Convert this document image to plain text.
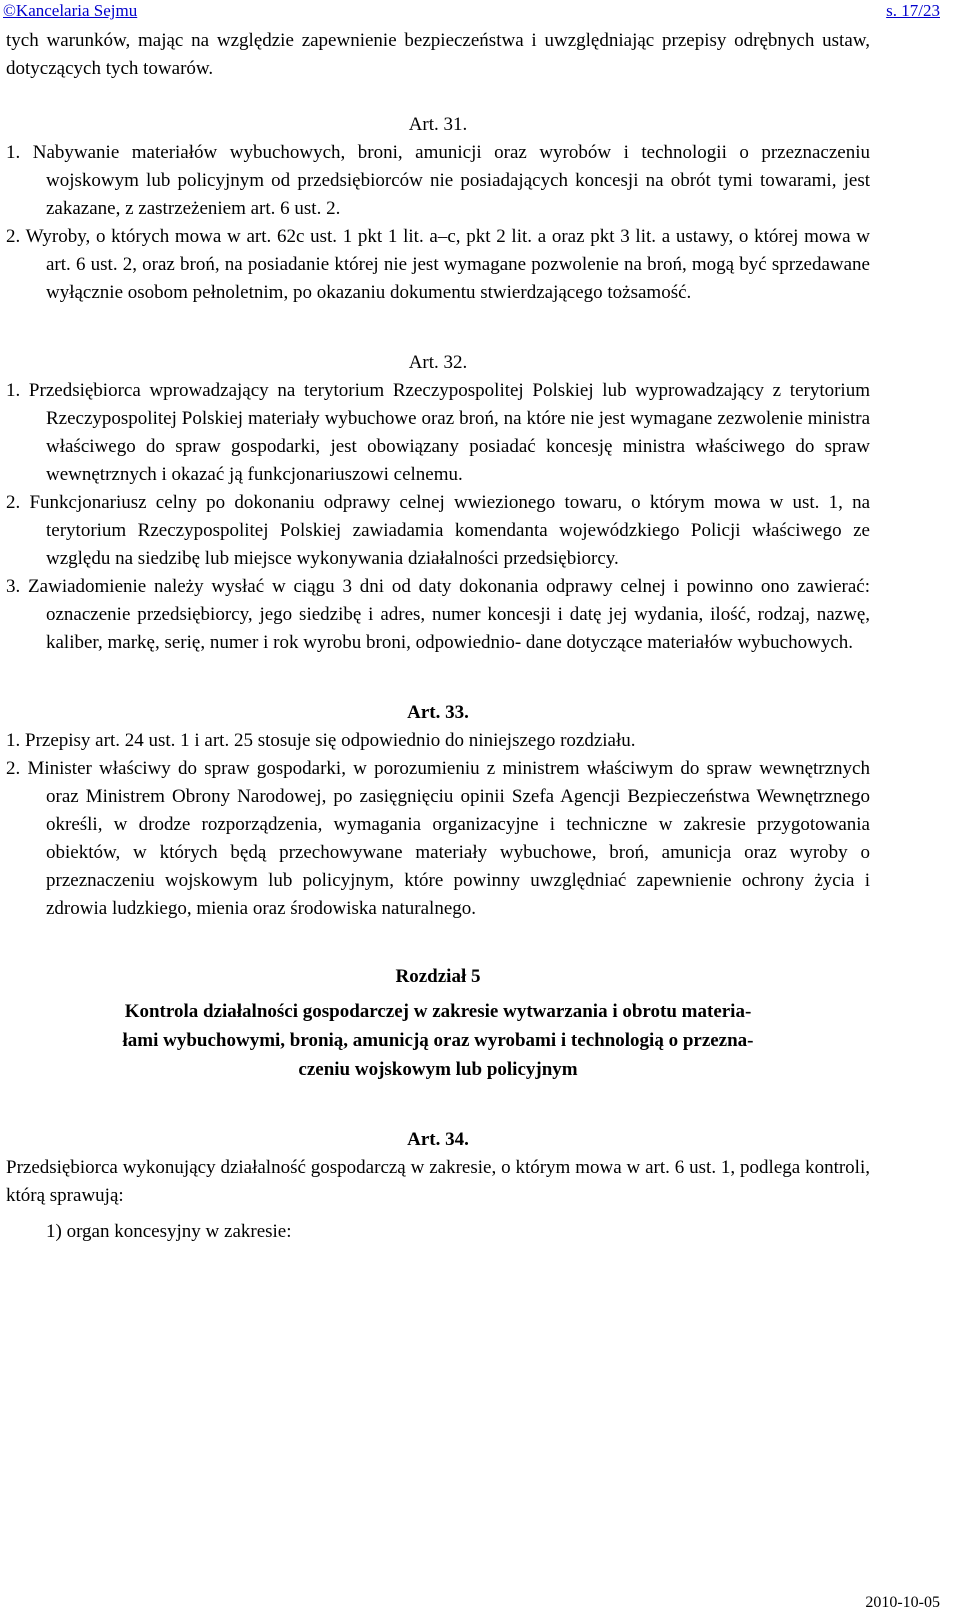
©Kancelaria Sejmu	s. 17/23

tych warunków, mając na względzie zapewnienie bezpieczeństwa i uwzględniając przepisy odrębnych ustaw, dotyczących tych towarów.

Art. 31.

1. Nabywanie materiałów wybuchowych, broni, amunicji oraz wyrobów i technologii o przeznaczeniu wojskowym lub policyjnym od przedsiębiorców nie posiadających koncesji na obrót tymi towarami, jest zakazane, z zastrzeżeniem art. 6 ust. 2.

2. Wyroby, o których mowa w art. 62c ust. 1 pkt 1 lit. a–c, pkt 2 lit. a oraz pkt 3 lit. a ustawy, o której mowa w art. 6 ust. 2, oraz broń, na posiadanie której nie jest wymagane pozwolenie na broń, mogą być sprzedawane wyłącznie osobom pełnoletnim, po okazaniu dokumentu stwierdzającego tożsamość.

Art. 32.

1. Przedsiębiorca wprowadzający na terytorium Rzeczypospolitej Polskiej lub wyprowadzający z terytorium Rzeczypospolitej Polskiej materiały wybuchowe oraz broń, na które nie jest wymagane zezwolenie ministra właściwego do spraw gospodarki, jest obowiązany posiadać koncesję ministra właściwego do spraw wewnętrznych i okazać ją funkcjonariuszowi celnemu.

2. Funkcjonariusz celny po dokonaniu odprawy celnej wwiezionego towaru, o którym mowa w ust. 1, na terytorium Rzeczypospolitej Polskiej zawiadamia komendanta wojewódzkiego Policji właściwego ze względu na siedzibę lub miejsce wykonywania działalności przedsiębiorcy.

3. Zawiadomienie należy wysłać w ciągu 3 dni od daty dokonania odprawy celnej i powinno ono zawierać: oznaczenie przedsiębiorcy, jego siedzibę i adres, numer koncesji i datę jej wydania, ilość, rodzaj, nazwę, kaliber, markę, serię, numer i rok wyrobu broni, odpowiednio- dane dotyczące materiałów wybuchowych.

Art. 33.

1. Przepisy art. 24 ust. 1 i art. 25 stosuje się odpowiednio do niniejszego rozdziału.

2. Minister właściwy do spraw gospodarki, w porozumieniu z ministrem właściwym do spraw wewnętrznych oraz Ministrem Obrony Narodowej, po zasięgnięciu opinii Szefa Agencji Bezpieczeństwa Wewnętrznego określi, w drodze rozporządzenia, wymagania organizacyjne i techniczne w zakresie przygotowania obiektów, w których będą przechowywane materiały wybuchowe, broń, amunicja oraz wyroby o przeznaczeniu wojskowym lub policyjnym, które powinny uwzględniać zapewnienie ochrony życia i zdrowia ludzkiego, mienia oraz środowiska naturalnego.

Rozdział 5

Kontrola działalności gospodarczej w zakresie wytwarzania i obrotu materia-
łami wybuchowymi, bronią, amunicją oraz wyrobami i technologią o przezna-
czeniu wojskowym lub policyjnym

Art. 34.

Przedsiębiorca wykonujący działalność gospodarczą w zakresie, o którym mowa w art. 6 ust. 1, podlega kontroli, którą sprawują:

1) organ koncesyjny w zakresie:

2010-10-05
